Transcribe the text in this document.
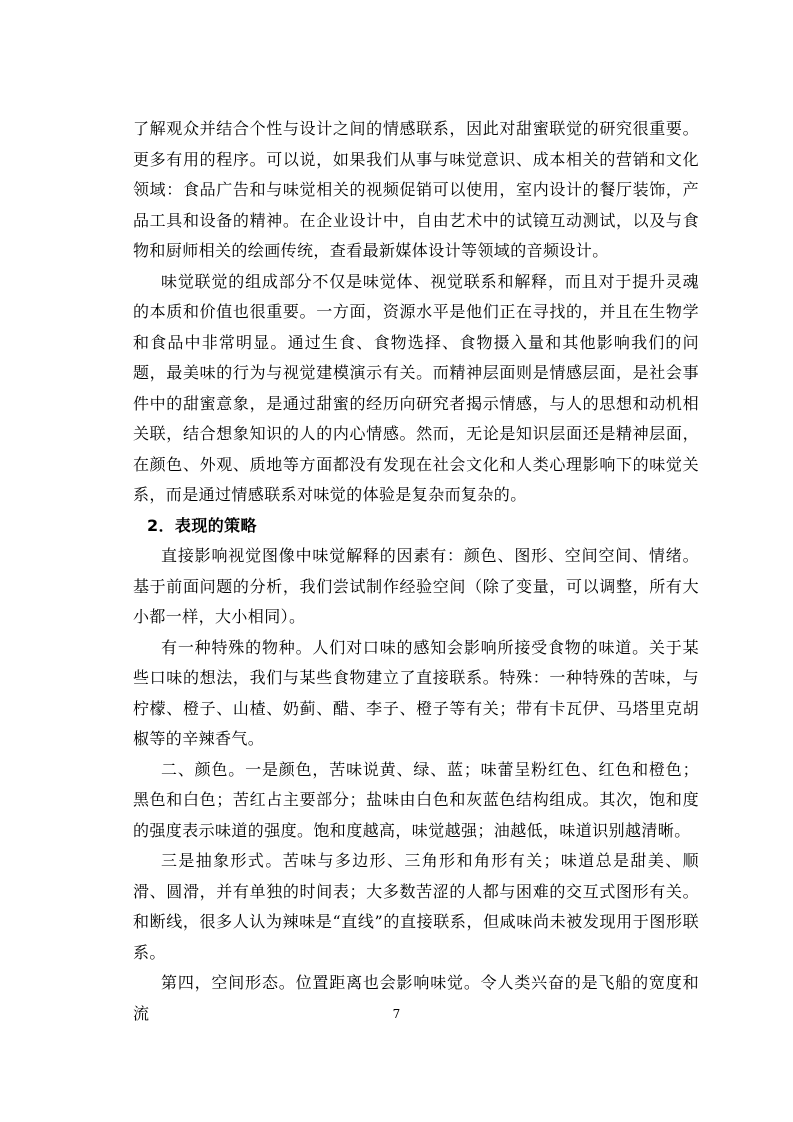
了解观众并结合个性与设计之间的情感联系，因此对甜蜜联觉的研究很重要。更多有用的程序。可以说，如果我们从事与味觉意识、成本相关的营销和文化领域：食品广告和与味觉相关的视频促销可以使用，室内设计的餐厅装饰，产品工具和设备的精神。在企业设计中，自由艺术中的试镜互动测试，以及与食物和厨师相关的绘画传统，查看最新媒体设计等领域的音频设计。

味觉联觉的组成部分不仅是味觉体、视觉联系和解释，而且对于提升灵魂的本质和价值也很重要。一方面，资源水平是他们正在寻找的，并且在生物学和食品中非常明显。通过生食、食物选择、食物摄入量和其他影响我们的问题，最美味的行为与视觉建模演示有关。而精神层面则是情感层面，是社会事件中的甜蜜意象，是通过甜蜜的经历向研究者揭示情感，与人的思想和动机相关联，结合想象知识的人的内心情感。然而，无论是知识层面还是精神层面，在颜色、外观、质地等方面都没有发现在社会文化和人类心理影响下的味觉关系，而是通过情感联系对味觉的体验是复杂而复杂的。

2．表现的策略

直接影响视觉图像中味觉解释的因素有：颜色、图形、空间空间、情绪。基于前面问题的分析，我们尝试制作经验空间（除了变量，可以调整，所有大小都一样，大小相同）。

有一种特殊的物种。人们对口味的感知会影响所接受食物的味道。关于某些口味的想法，我们与某些食物建立了直接联系。特殊：一种特殊的苦味，与柠檬、橙子、山楂、奶蓟、醋、李子、橙子等有关；带有卡瓦伊、马塔里克胡椒等的辛辣香气。

二、颜色。一是颜色，苦味说黄、绿、蓝；味蕾呈粉红色、红色和橙色；黑色和白色；苦红占主要部分；盐味由白色和灰蓝色结构组成。其次，饱和度的强度表示味道的强度。饱和度越高，味觉越强；油越低，味道识别越清晰。

三是抽象形式。苦味与多边形、三角形和角形有关；味道总是甜美、顺滑、圆滑，并有单独的时间表；大多数苦涩的人都与困难的交互式图形有关。和断线，很多人认为辣味是“直线”的直接联系，但咸味尚未被发现用于图形联系。

第四，空间形态。位置距离也会影响味觉。令人类兴奋的是飞船的宽度和流	7
